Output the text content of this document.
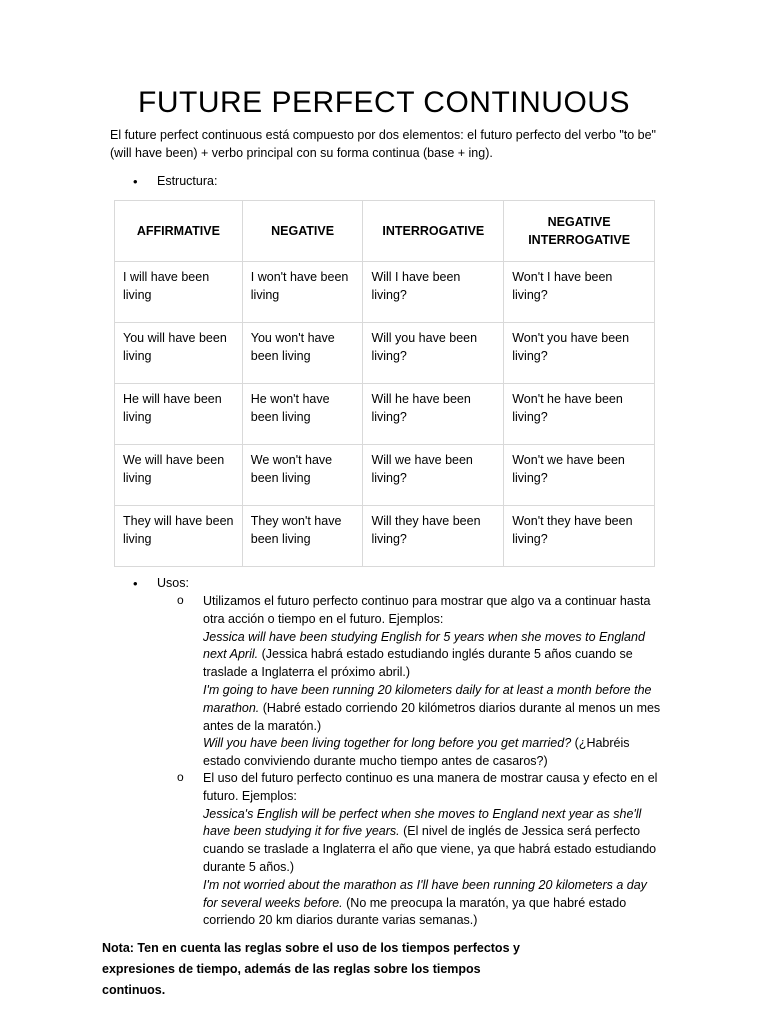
FUTURE PERFECT CONTINUOUS
El future perfect continuous está compuesto por dos elementos: el futuro perfecto del verbo "to be" (will have been) + verbo principal con su forma continua (base + ing).
• Estructura:
AFFIRMATIVE	NEGATIVE	INTERROGATIVE	NEGATIVE INTERROGATIVE
I will have been living	I won't have been living	Will I have been living?	Won't I have been living?
You will have been living	You won't have been living	Will you have been living?	Won't you have been living?
He will have been living	He won't have been living	Will he have been living?	Won't he have been living?
We will have been living	We won't have been living	Will we have been living?	Won't we have been living?
They will have been living	They won't have been living	Will they have been living?	Won't they have been living?
• Usos:
o Utilizamos el futuro perfecto continuo para mostrar que algo va a continuar hasta otra acción o tiempo en el futuro. Ejemplos:

Jessica will have been studying English for 5 years when she moves to England next April. (Jessica habrá estado estudiando inglés durante 5 años cuando se traslade a Inglaterra el próximo abril.)

I'm going to have been running 20 kilometers daily for at least a month before the marathon. (Habré estado corriendo 20 kilómetros diarios durante al menos un mes antes de la maratón.)

Will you have been living together for long before you get married? (¿Habréis estado conviviendo durante mucho tiempo antes de casaros?)

o El uso del futuro perfecto continuo es una manera de mostrar causa y efecto en el futuro. Ejemplos:

Jessica's English will be perfect when she moves to England next year as she'll have been studying it for five years. (El nivel de inglés de Jessica será perfecto cuando se traslade a Inglaterra el año que viene, ya que habrá estado estudiando durante 5 años.)

I'm not worried about the marathon as I'll have been running 20 kilometers a day for several weeks before. (No me preocupa la maratón, ya que habré estado corriendo 20 km diarios durante varias semanas.)

Nota: Ten en cuenta las reglas sobre el uso de los tiempos perfectos y expresiones de tiempo, además de las reglas sobre los tiempos continuos.
